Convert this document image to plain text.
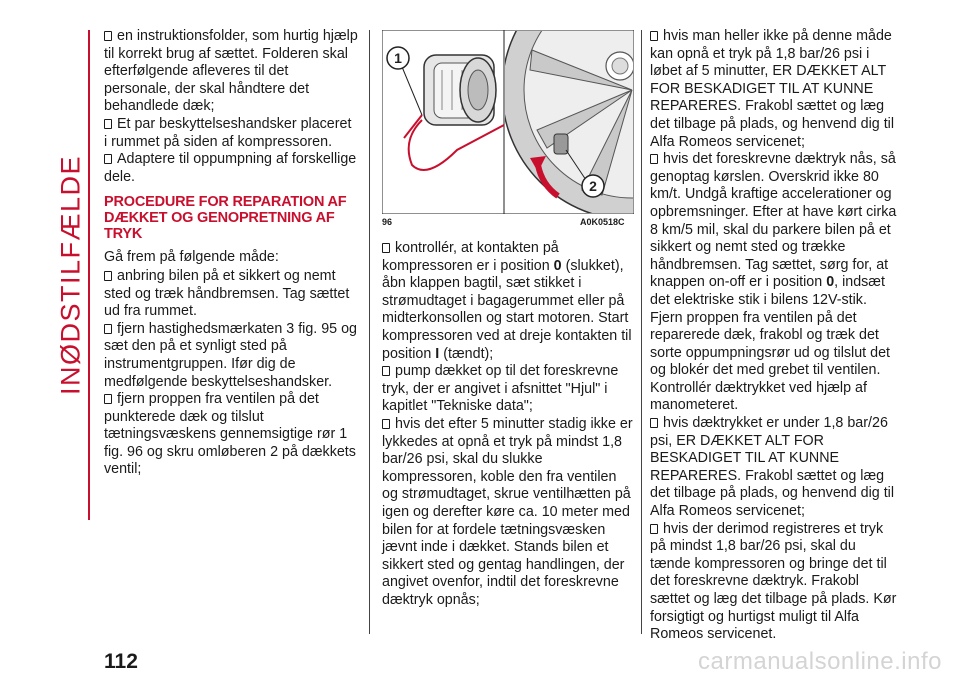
INØDSTILFÆLDE

en instruktionsfolder, som hurtig hjælp til korrekt brug af sættet. Folderen skal efterfølgende afleveres til det personale, der skal håndtere det behandlede dæk;

Et par beskyttelseshandsker placeret i rummet på siden af kompressoren.

Adaptere til oppumpning af forskellige dele.

PROCEDURE FOR REPARATION AF
DÆKKET OG GENOPRETNING AF TRYK

Gå frem på følgende måde:

anbring bilen på et sikkert og nemt sted og træk håndbremsen. Tag sættet ud fra rummet.

fjern hastighedsmærkaten 3 fig. 95 og sæt den på et synligt sted på instrumentgruppen. Ifør dig de medfølgende beskyttelseshandsker.

fjern proppen fra ventilen på det punkterede dæk og tilslut tætningsvæskens gennemsigtige rør 1 fig. 96 og skru omløberen 2 på dækkets ventil;

1
2
96	A0K0518C

kontrollér, at kontakten på kompressoren er i position 0 (slukket), åbn klappen bagtil, sæt stikket i strømudtaget i bagagerummet eller på midterkonsollen og start motoren. Start kompressoren ved at dreje kontakten til position I (tændt);

pump dækket op til det foreskrevne tryk, der er angivet i afsnittet "Hjul" i kapitlet "Tekniske data";

hvis det efter 5 minutter stadig ikke er lykkedes at opnå et tryk på mindst 1,8 bar/26 psi, skal du slukke kompressoren, koble den fra ventilen og strømudtaget, skrue ventilhætten på igen og derefter køre ca. 10 meter med bilen for at fordele tætningsvæsken jævnt inde i dækket. Stands bilen et sikkert sted og gentag handlingen, der angivet ovenfor, indtil det foreskrevne dæktryk opnås;

hvis man heller ikke på denne måde kan opnå et tryk på 1,8 bar/26 psi i løbet af 5 minutter, ER DÆKKET ALT FOR BESKADIGET TIL AT KUNNE REPARERES. Frakobl sættet og læg det tilbage på plads, og henvend dig til Alfa Romeos servicenet;

hvis det foreskrevne dæktryk nås, så genoptag kørslen. Overskrid ikke 80 km/t. Undgå kraftige accelerationer og opbremsninger. Efter at have kørt cirka 8 km/5 mil, skal du parkere bilen på et sikkert og nemt sted og trække håndbremsen. Tag sættet, sørg for, at knappen on-off er i position 0, indsæt det elektriske stik i bilens 12V-stik. Fjern proppen fra ventilen på det reparerede dæk, frakobl og træk det sorte oppumpningsrør ud og tilslut det og blokér det med grebet til ventilen. Kontrollér dæktrykket ved hjælp af manometeret.

hvis dæktrykket er under 1,8 bar/26 psi, ER DÆKKET ALT FOR BESKADIGET TIL AT KUNNE REPARERES. Frakobl sættet og læg det tilbage på plads, og henvend dig til Alfa Romeos servicenet;

hvis der derimod registreres et tryk på mindst 1,8 bar/26 psi, skal du tænde kompressoren og bringe det til det foreskrevne dæktryk. Frakobl sættet og læg det tilbage på plads. Kør forsigtigt og hurtigst muligt til Alfa Romeos servicenet.

112	carmanualsonline.info
